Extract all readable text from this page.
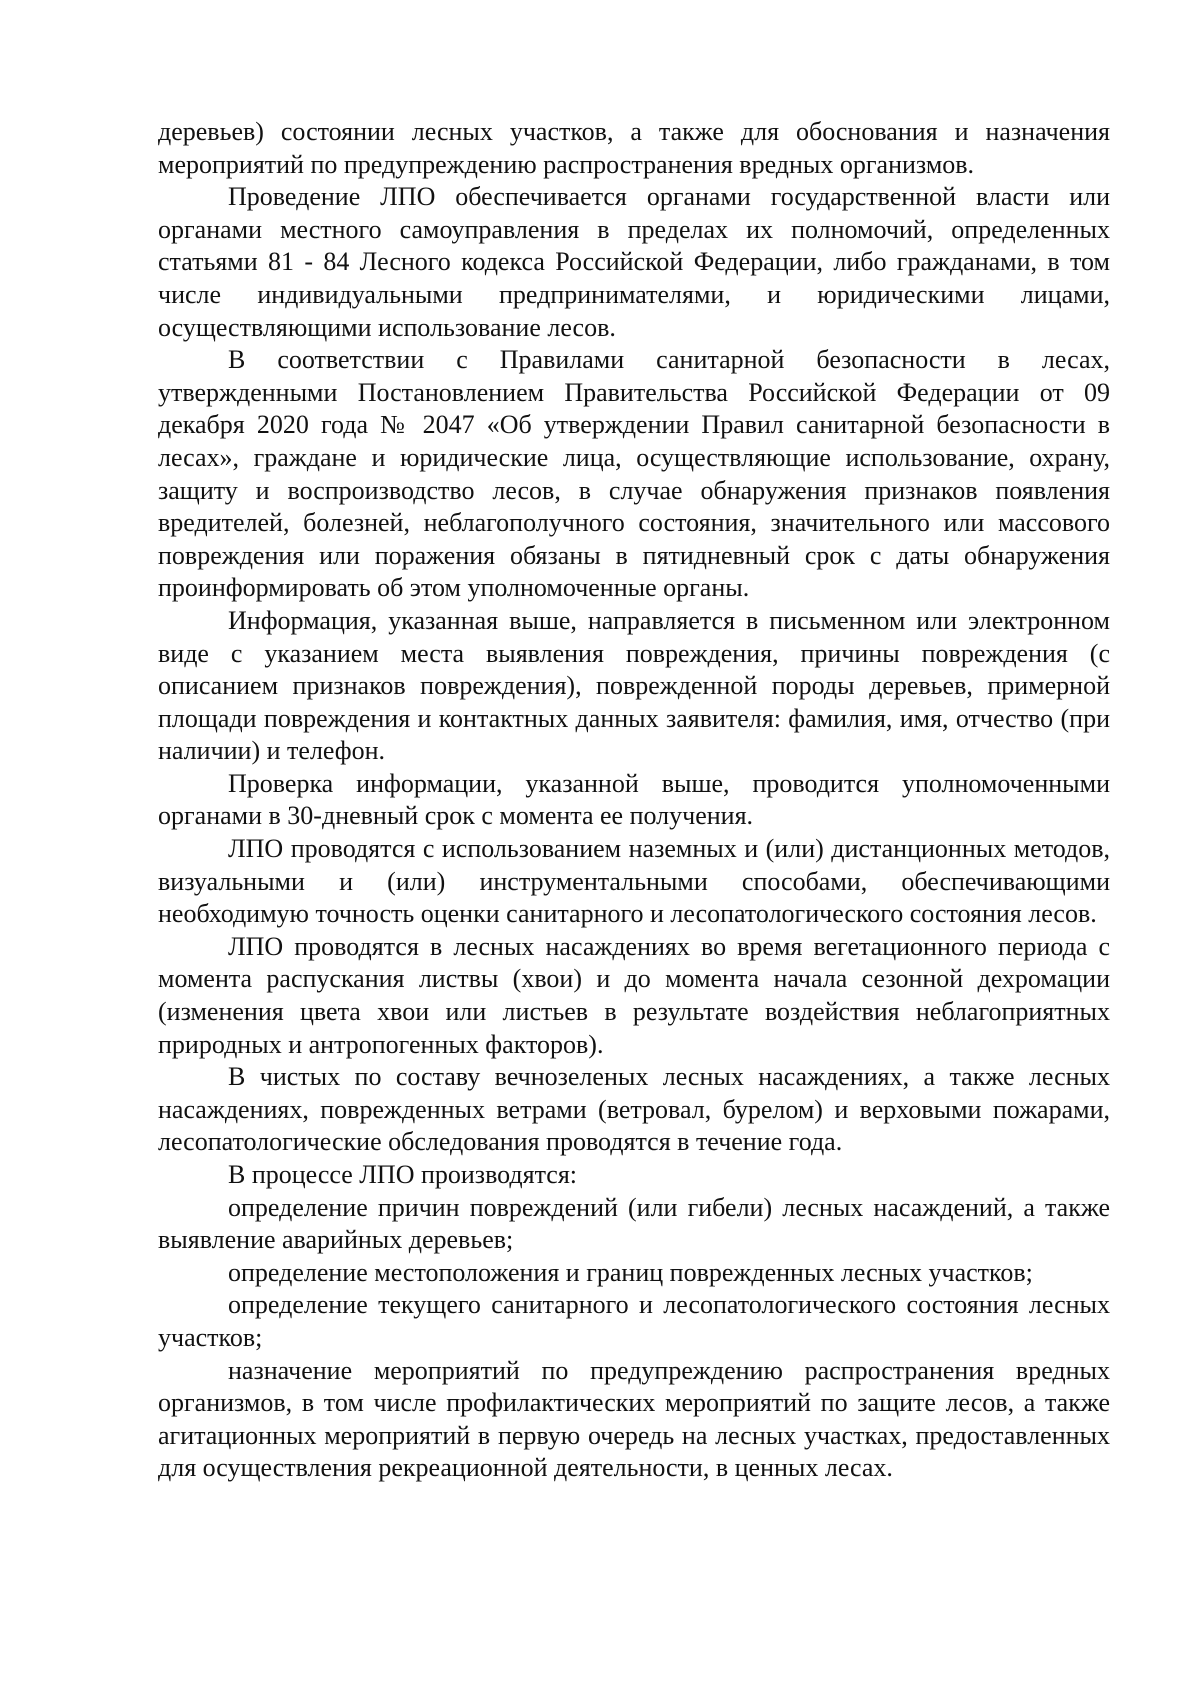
деревьев) состоянии лесных участков, а также для обоснования и назначения мероприятий по предупреждению распространения вредных организмов.

Проведение ЛПО обеспечивается органами государственной власти или органами местного самоуправления в пределах их полномочий, определенных статьями 81 - 84 Лесного кодекса Российской Федерации, либо гражданами, в том числе индивидуальными предпринимателями, и юридическими лицами, осуществляющими использование лесов.

В соответствии с Правилами санитарной безопасности в лесах, утвержденными Постановлением Правительства Российской Федерации от 09 декабря 2020 года № 2047 «Об утверждении Правил санитарной безопасности в лесах», граждане и юридические лица, осуществляющие использование, охрану, защиту и воспроизводство лесов, в случае обнаружения признаков появления вредителей, болезней, неблагополучного состояния, значительного или массового повреждения или поражения обязаны в пятидневный срок с даты обнаружения проинформировать об этом уполномоченные органы.

Информация, указанная выше, направляется в письменном или электронном виде с указанием места выявления повреждения, причины повреждения (с описанием признаков повреждения), поврежденной породы деревьев, примерной площади повреждения и контактных данных заявителя: фамилия, имя, отчество (при наличии) и телефон.

Проверка информации, указанной выше, проводится уполномоченными органами в 30-дневный срок с момента ее получения.

ЛПО проводятся с использованием наземных и (или) дистанционных методов, визуальными и (или) инструментальными способами, обеспечивающими необходимую точность оценки санитарного и лесопатологического состояния лесов.

ЛПО проводятся в лесных насаждениях во время вегетационного периода с момента распускания листвы (хвои) и до момента начала сезонной дехромации (изменения цвета хвои или листьев в результате воздействия неблагоприятных природных и антропогенных факторов).

В чистых по составу вечнозеленых лесных насаждениях, а также лесных насаждениях, поврежденных ветрами (ветровал, бурелом) и верховыми пожарами, лесопатологические обследования проводятся в течение года.

В процессе ЛПО производятся:

определение причин повреждений (или гибели) лесных насаждений, а также выявление аварийных деревьев;

определение местоположения и границ поврежденных лесных участков;

определение текущего санитарного и лесопатологического состояния лесных участков;

назначение мероприятий по предупреждению распространения вредных организмов, в том числе профилактических мероприятий по защите лесов, а также агитационных мероприятий в первую очередь на лесных участках, предоставленных для осуществления рекреационной деятельности, в ценных лесах.
